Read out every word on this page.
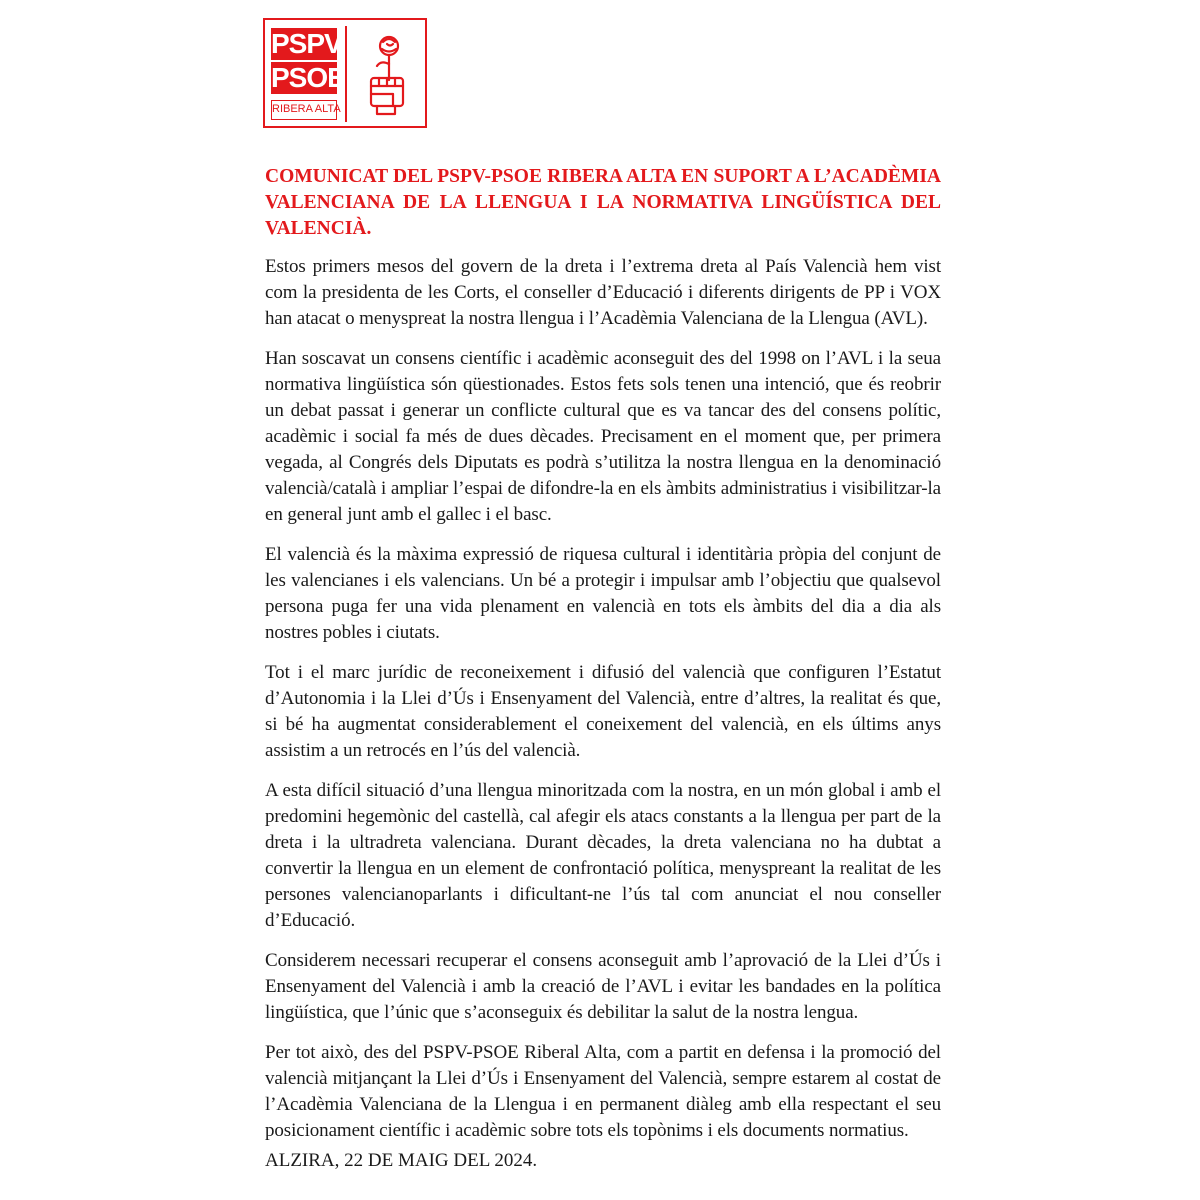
PSPV
PSOE
RIBERA ALTA
COMUNICAT DEL PSPV-PSOE RIBERA ALTA EN SUPORT A L’ACADÈMIA VALENCIANA DE LA LLENGUA I LA NORMATIVA LINGÜÍSTICA DEL VALENCIÀ.

Estos primers mesos del govern de la dreta i l’extrema dreta al País Valencià hem vist com la presidenta de les Corts, el conseller d’Educació i diferents dirigents de PP i VOX han atacat o menyspreat la nostra llengua i l’Acadèmia Valenciana de la Llengua (AVL).

Han soscavat un consens científic i acadèmic aconseguit des del 1998 on l’AVL i la seua normativa lingüística són qüestionades. Estos fets sols tenen una intenció, que és reobrir un debat passat i generar un conflicte cultural que es va tancar des del consens polític, acadèmic i social fa més de dues dècades. Precisament en el moment que, per primera vegada, al Congrés dels Diputats es podrà s’utilitza la nostra llengua en la denominació valencià/català i ampliar l’espai de difondre-la en els àmbits administratius i visibilitzar-la en general junt amb el gallec i el basc.

El valencià és la màxima expressió de riquesa cultural i identitària pròpia del conjunt de les valencianes i els valencians. Un bé a protegir i impulsar amb l’objectiu que qualsevol persona puga fer una vida plenament en valencià en tots els àmbits del dia a dia als nostres pobles i ciutats.

Tot i el marc jurídic de reconeixement i difusió del valencià que configuren l’Estatut d’Autonomia i la Llei d’Ús i Ensenyament del Valencià, entre d’altres, la realitat és que, si bé ha augmentat considerablement el coneixement del valencià, en els últims anys assistim a un retrocés en l’ús del valencià.

A esta difícil situació d’una llengua minoritzada com la nostra, en un món global i amb el predomini hegemònic del castellà, cal afegir els atacs constants a la llengua per part de la dreta i la ultradreta valenciana. Durant dècades, la dreta valenciana no ha dubtat a convertir la llengua en un element de confrontació política, menyspreant la realitat de les persones valencianoparlants i dificultant-ne l’ús tal com anunciat el nou conseller d’Educació.

Considerem necessari recuperar el consens aconseguit amb l’aprovació de la Llei d’Ús i Ensenyament del Valencià i amb la creació de l’AVL i evitar les bandades en la política lingüística, que l’únic que s’aconseguix és debilitar la salut de la nostra lengua.

Per tot això, des del PSPV-PSOE Riberal Alta, com a partit en defensa i la promoció del valencià mitjançant la Llei d’Ús i Ensenyament del Valencià, sempre estarem al costat de l’Acadèmia Valenciana de la Llengua i en permanent diàleg amb ella respectant el seu posicionament científic i acadèmic sobre tots els topònims i els documents normatius.

ALZIRA, 22 DE MAIG DEL 2024.
